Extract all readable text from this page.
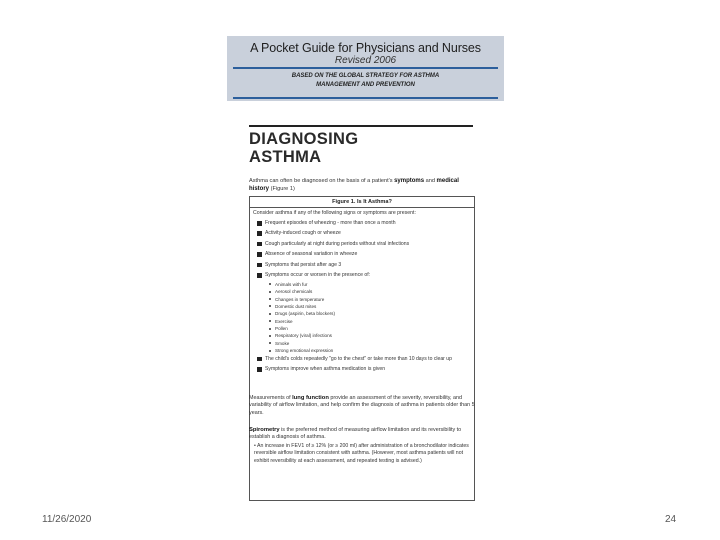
A Pocket Guide for Physicians and Nurses
Revised 2006
BASED ON THE GLOBAL STRATEGY FOR ASTHMA
MANAGEMENT AND PREVENTION
DIAGNOSING
ASTHMA
Asthma can often be diagnosed on the basis of a patient's symptoms and medical history (Figure 1)
Figure 1. Is It Asthma?
Consider asthma if any of the following signs or symptoms are present:
Frequent episodes of wheezing - more than once a month
Activity-induced cough or wheeze
Cough particularly at night during periods without viral infections
Absence of seasonal variation in wheeze
Symptoms that persist after age 3
Symptoms occur or worsen in the presence of:
Animals with fur
Aerosol chemicals
Changes in temperature
Domestic dust mites
Drugs (aspirin, beta blockers)
Exercise
Pollen
Respiratory (viral) infections
Smoke
Strong emotional expression
The child's colds repeatedly "go to the chest" or take more than 10 days to clear up
Symptoms improve when asthma medication is given
Measurements of lung function provide an assessment of the severity, reversibility, and variability of airflow limitation, and help confirm the diagnosis of asthma in patients older than 5 years.
Spirometry is the preferred method of measuring airflow limitation and its reversibility to establish a diagnosis of asthma.
• An increase in FEV1 of ≥ 12% (or ≥ 200 ml) after administration of a bronchodilator indicates reversible airflow limitation consistent with asthma. (However, most asthma patients will not exhibit reversibility at each assessment, and repeated testing is advised.)
11/26/2020	24
